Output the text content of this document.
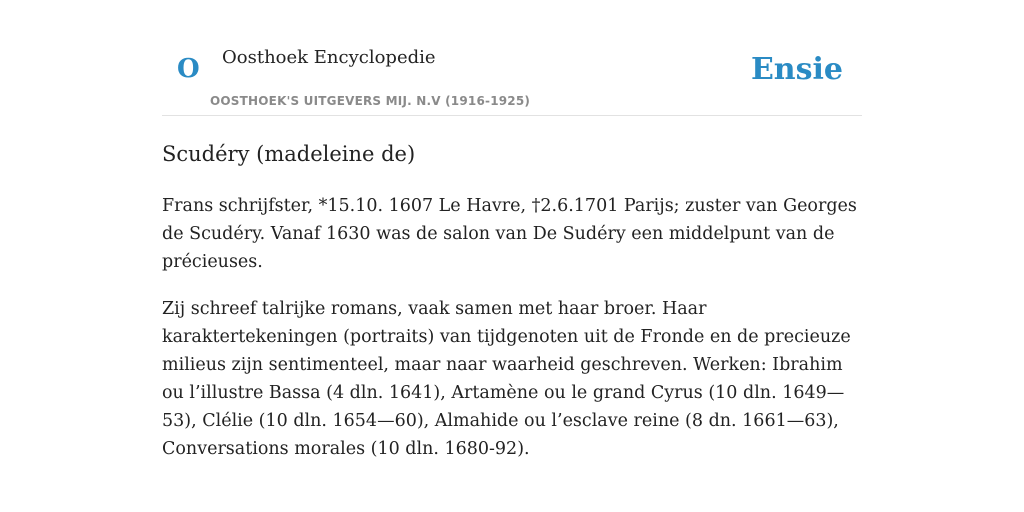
O Oosthoek Encyclopedie
OOSTHOEK'S UITGEVERS MIJ. N.V (1916-1925)
Ensie
Scudéry (madeleine de)

Frans schrijfster, *15.10. 1607 Le Havre, †2.6.1701 Parijs; zuster van Georges de Scudéry. Vanaf 1630 was de salon van De Sudéry een middelpunt van de précieuses.

Zij schreef talrijke romans, vaak samen met haar broer. Haar karaktertekeningen (portraits) van tijdgenoten uit de Fronde en de precieuze milieus zijn sentimenteel, maar naar waarheid geschreven. Werken: Ibrahim ou l’illustre Bassa (4 dln. 1641), Artamène ou le grand Cyrus (10 dln. 1649—53), Clélie (10 dln. 1654—60), Almahide ou l’esclave reine (8 dn. 1661—63), Conversations morales (10 dln. 1680-92).
